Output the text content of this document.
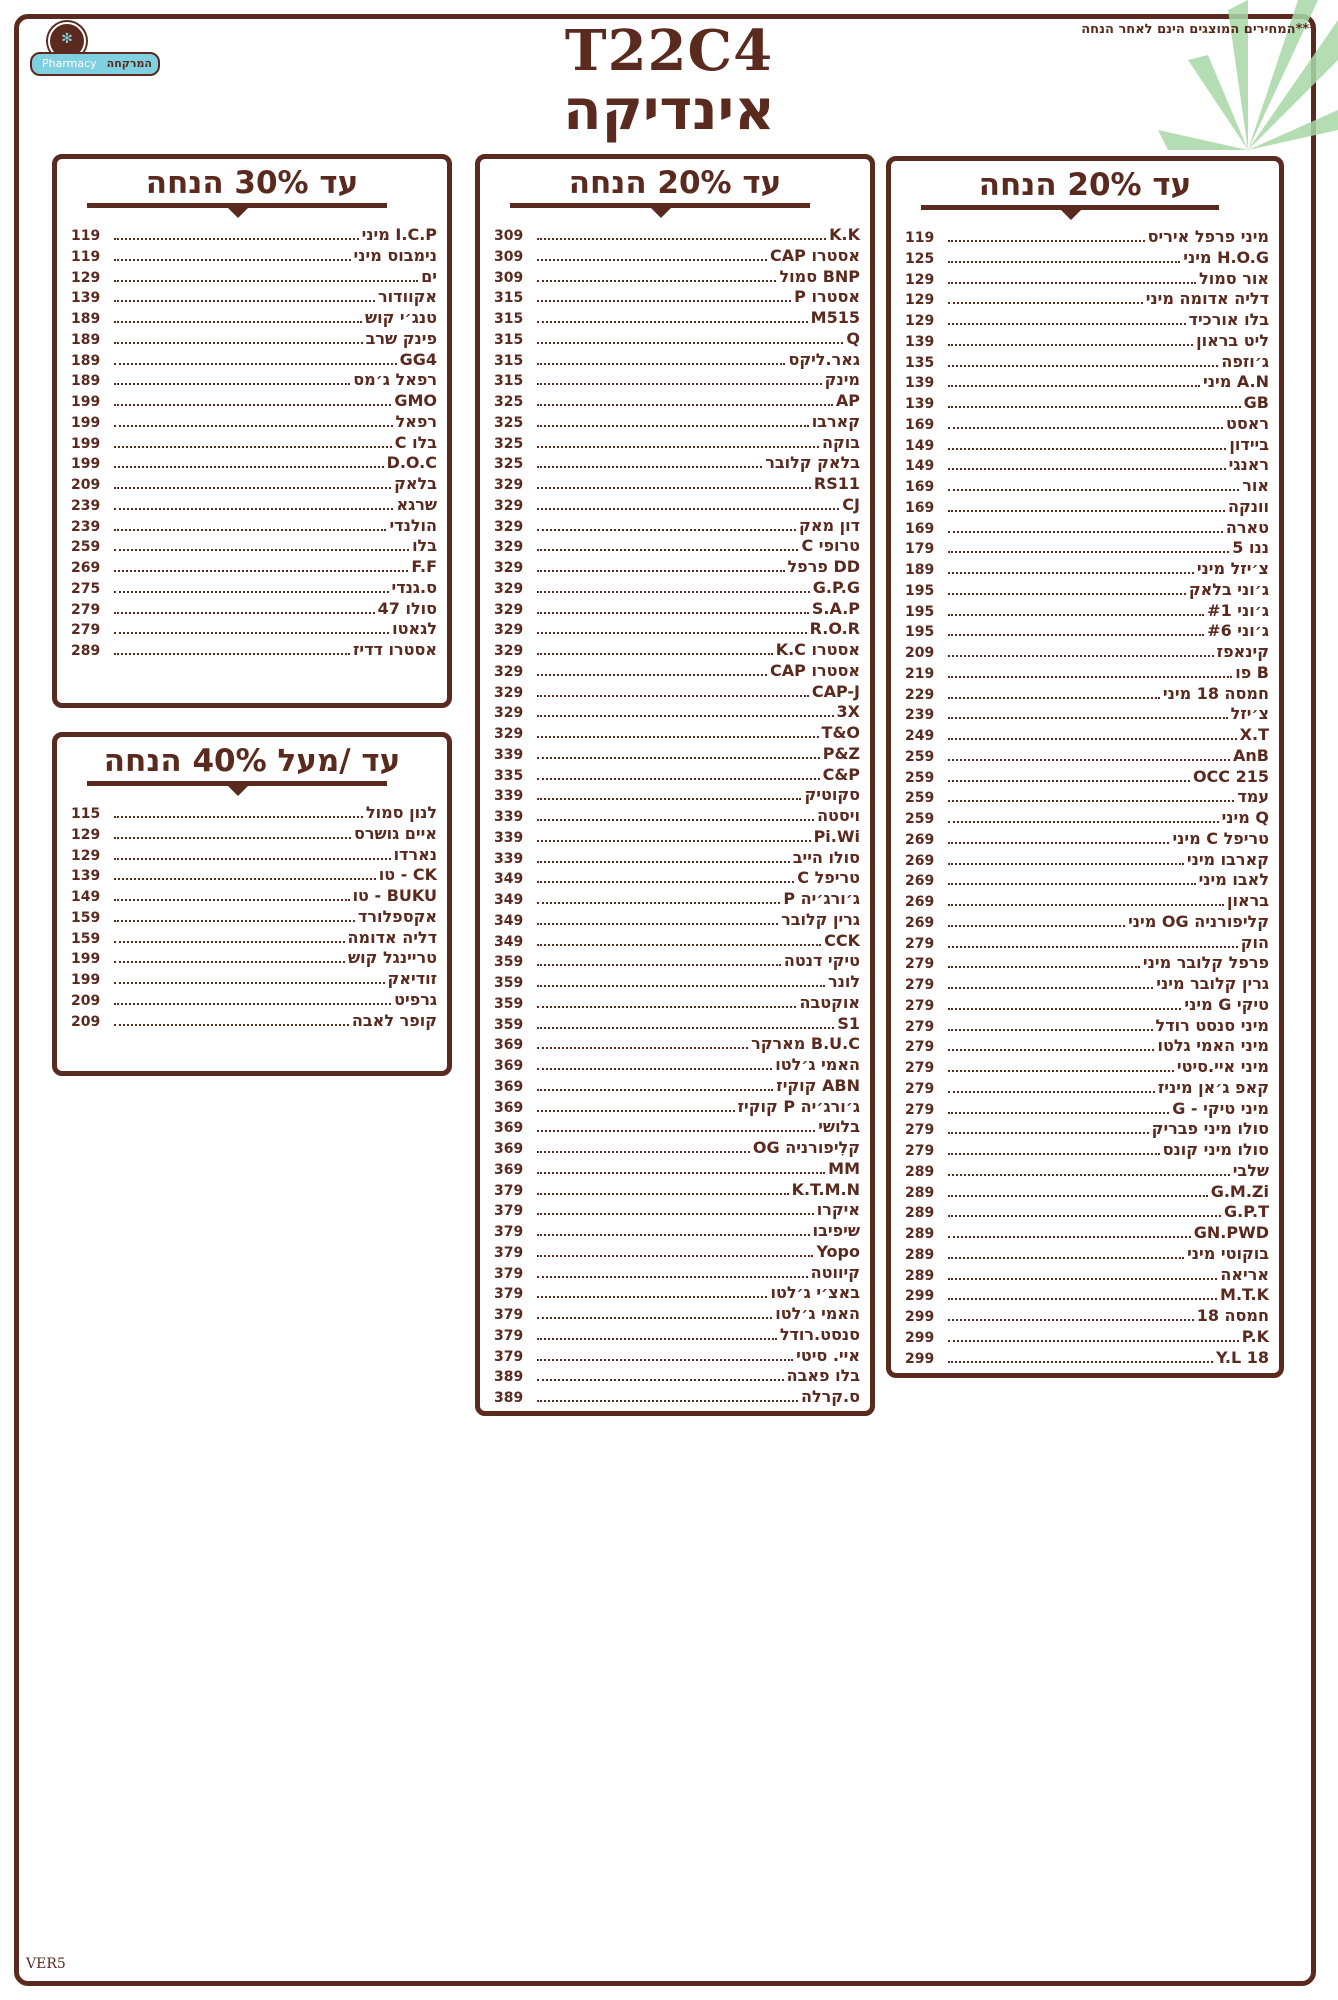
***המחירים המוצגים הינם לאחר הנחה
✻
Pharmacy המרקחה	T22C4
אינדיקה
עד 20% הנחה
119	מיני פרפל איריס
125	H.O.G מיני
129	אור סמול
129	דליה אדומה מיני
129	בלו אורכיד
139	ליט בראון
135	ג׳וזפה
139	A.N מיני
139	GB
169	ראסט
149	ביידון
149	ראנגי
169	אור
169	וונקה
169	טארה
179	ננו 5
189	צ׳יזל מיני
195	ג׳וני בלאק
195	ג׳וני #1
195	ג׳וני #6
209	קינאפז
219	B פו
229	חמסה 18 מיני
239	צ׳יזל
249	X.T
259	AnB
259	OCC 215
259	עמד
259	Q מיני
269	טריפל C מיני
269	קארבו מיני
269	לאבו מיני
269	בראון
269	קליפורניה OG מיני
279	הוק
279	פרפל קלובר מיני
279	גרין קלובר מיני
279	טיקי G מיני
279	מיני סנסט רודל
279	מיני האמי גלטו
279	מיני איי.סיטי
279	קאפ ג׳אן מיניז
279	מיני טיקי - G
279	סולו מיני פבריק
279	סולו מיני קונס
289	שלבי
289	G.M.Zi
289	G.P.T
289	GN.PWD
289	בוקוטי מיני
289	אריאה
299	M.T.K
299	חמסה 18
299	P.K
299	Y.L 18
עד 20% הנחה
309	K.K
309	אסטרו CAP
309	BNP סמול
315	אסטרו P
315	M515
315	Q
315	גאר.ליקס
315	מינק
325	AP
325	קארבו
325	בוקה
325	בלאק קלובר
329	RS11
329	CJ
329	דון מאק
329	טרופי C
329	DD פרפל
329	G.P.G
329	S.A.P
329	R.O.R
329	אסטרו K.C
329	אסטרו CAP
329	CAP-J
329	3X
329	T&O
339	P&Z
335	C&P
339	סקוטיק
339	ויסטה
339	Pi.Wi
339	סולו הייב
349	טריפל C
349	ג׳ורג׳יה P
349	גרין קלובר
349	CCK
359	טיקי דנטה
359	לונר
359	אוקטבה
359	S1
369	B.U.C מארקר
369	האמי ג׳לטו
369	ABN קוקיז
369	ג׳ורג׳יה P קוקיז
369	בלושי
369	קלִיפורניה OG
369	MM
379	K.T.M.N
379	איקרו
379	שיפיבו
379	Yopo
379	קיווטה
379	באצ׳י ג׳לטו
379	האמי ג׳לטו
379	סנסט.רודל
379	איי. סיטי
389	בלו פאבה
389	ס.קרלה
עד 30% הנחה
119	I.C.P מיני
119	נימבוס מיני
129	ים
139	אקוודור
189	טנג׳י קוש
189	פינק שרב
189	GG4
189	רפאל ג׳מס
199	GMO
199	רפאל
199	בלו C
199	D.O.C
209	בלאק
239	שרגא
239	הולנדי
259	בלו
269	F.F
275	ס.גנדי
279	סולו 47
279	לגאטו
289	אסטרו דדיז
עד /מעל 40% הנחה
115	לנון סמול
129	איים גושרס
129	נארדו
139	CK - טו
149	BUKU - טו
159	אקספלורד
159	דליה אדומה
199	טריינגל קוש
199	זודיאק
209	גרפיט
209	קופר לאבה
VER5
